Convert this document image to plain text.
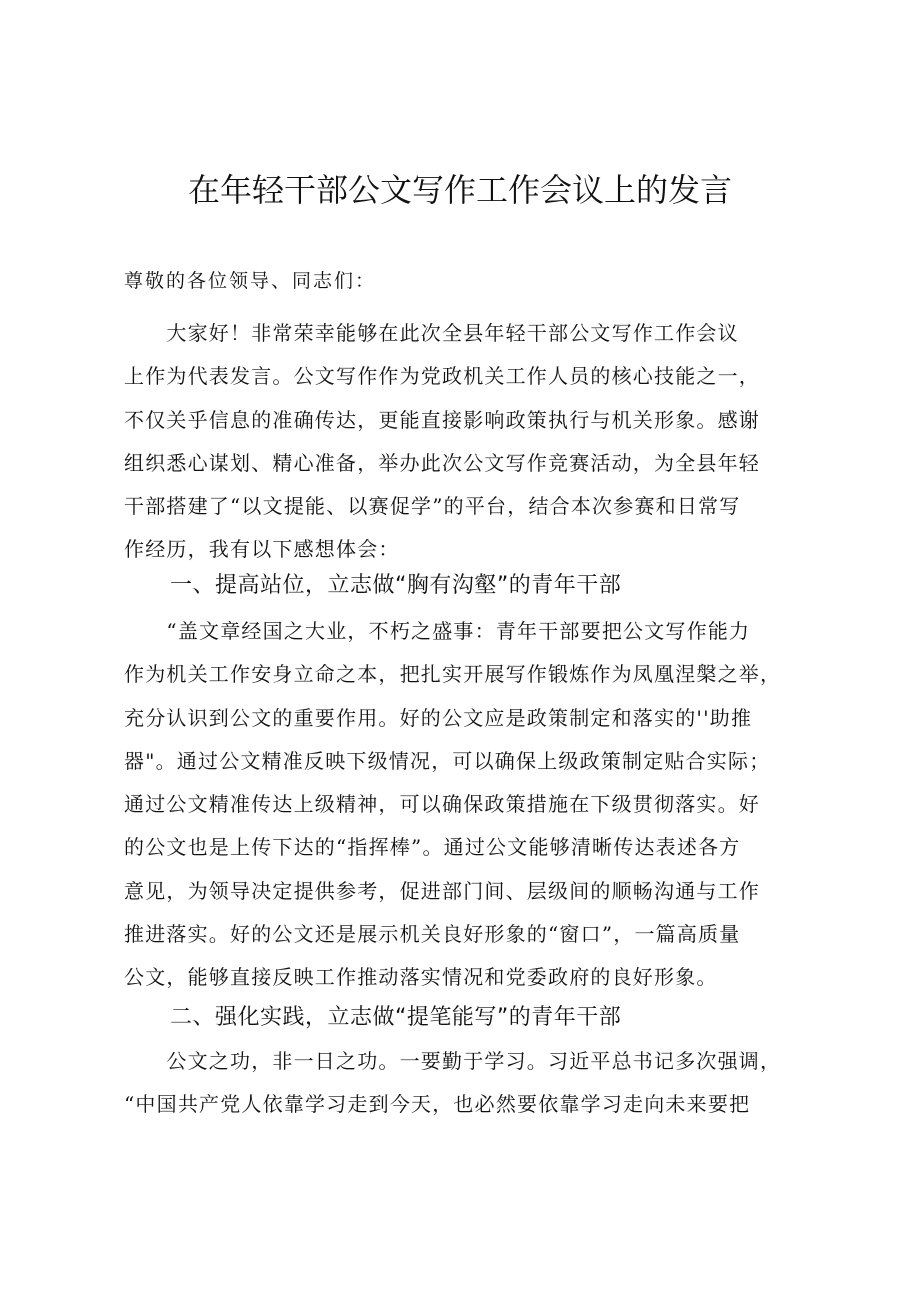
在年轻干部公文写作工作会议上的发言
尊敬的各位领导、同志们：
　　大家好！非常荣幸能够在此次全县年轻干部公文写作工作会议
上作为代表发言。公文写作作为党政机关工作人员的核心技能之一，
不仅关乎信息的准确传达，更能直接影响政策执行与机关形象。感谢
组织悉心谋划、精心准备，举办此次公文写作竞赛活动，为全县年轻
干部搭建了“以文提能、以赛促学”的平台，结合本次参赛和日常写
作经历，我有以下感想体会：
一、提高站位，立志做“胸有沟壑”的青年干部
　　“盖文章经国之大业，不朽之盛事：青年干部要把公文写作能力
作为机关工作安身立命之本，把扎实开展写作锻炼作为凤凰涅槃之举，
充分认识到公文的重要作用。好的公文应是政策制定和落实的''助推
器"。通过公文精准反映下级情况，可以确保上级政策制定贴合实际；
通过公文精准传达上级精神，可以确保政策措施在下级贯彻落实。好
的公文也是上传下达的“指挥棒”。通过公文能够清晰传达表述各方
意见，为领导决定提供参考，促进部门间、层级间的顺畅沟通与工作
推进落实。好的公文还是展示机关良好形象的“窗口”，一篇高质量
公文，能够直接反映工作推动落实情况和党委政府的良好形象。
二、强化实践，立志做“提笔能写”的青年干部
　　公文之功，非一日之功。一要勤于学习。习近平总书记多次强调，
“中国共产党人依靠学习走到今天，也必然要依靠学习走向未来要把
